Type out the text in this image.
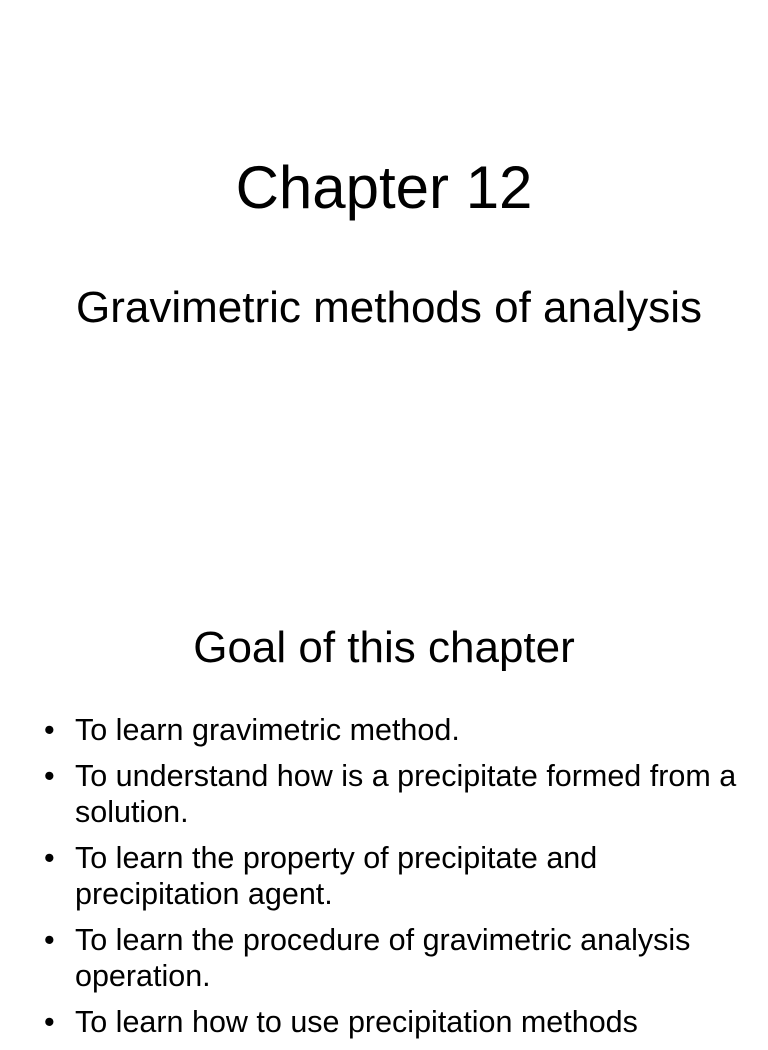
Chapter 12
Gravimetric methods of analysis
Goal of this chapter
• To learn gravimetric method.
• To understand how is a precipitate formed from a solution.
• To learn the property of precipitate and precipitation agent.
• To learn the procedure of gravimetric analysis operation.
• To learn how to use precipitation methods
